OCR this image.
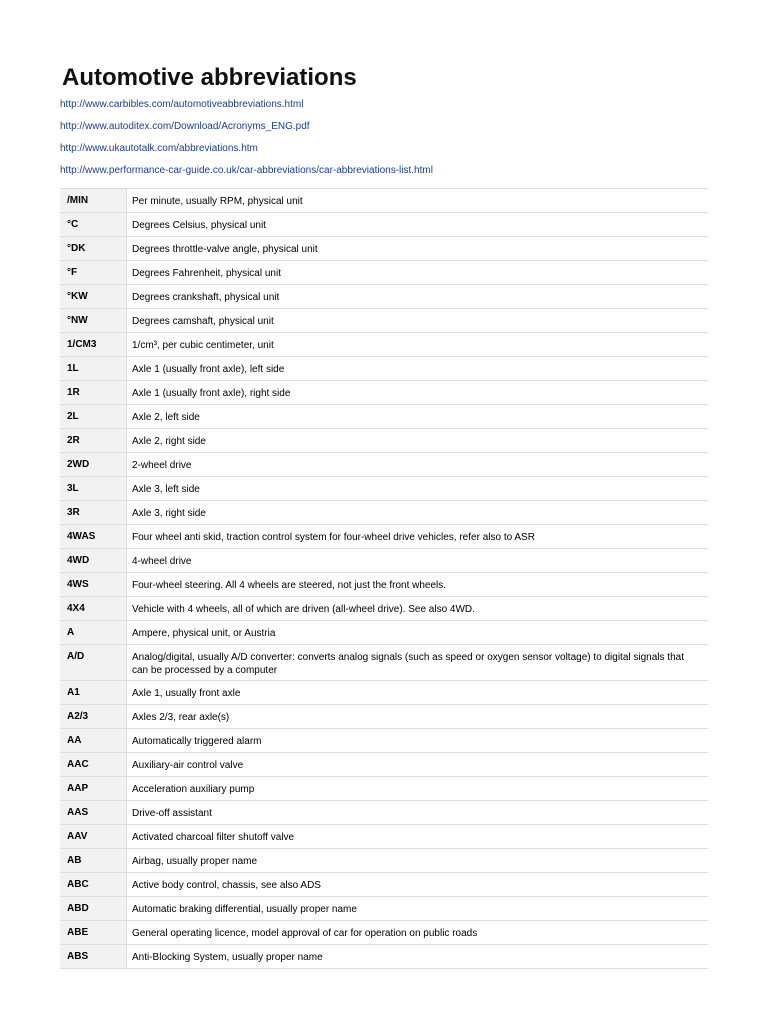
Automotive abbreviations
http://www.carbibles.com/automotiveabbreviations.html
http://www.autoditex.com/Download/Acronyms_ENG.pdf
http://www.ukautotalk.com/abbreviations.htm
http://www.performance-car-guide.co.uk/car-abbreviations/car-abbreviations-list.html
/MIN	Per minute, usually RPM, physical unit
°C	Degrees Celsius, physical unit
°DK	Degrees throttle-valve angle, physical unit
°F	Degrees Fahrenheit, physical unit
°KW	Degrees crankshaft, physical unit
°NW	Degrees camshaft, physical unit
1/CM3	1/cm³, per cubic centimeter, unit
1L	Axle 1 (usually front axle), left side
1R	Axle 1 (usually front axle), right side
2L	Axle 2, left side
2R	Axle 2, right side
2WD	2-wheel drive
3L	Axle 3, left side
3R	Axle 3, right side
4WAS	Four wheel anti skid, traction control system for four-wheel drive vehicles, refer also to ASR
4WD	4-wheel drive
4WS	Four-wheel steering. All 4 wheels are steered, not just the front wheels.
4X4	Vehicle with 4 wheels, all of which are driven (all-wheel drive). See also 4WD.
A	Ampere, physical unit, or Austria
A/D	Analog/digital, usually A/D converter: converts analog signals (such as speed or oxygen sensor voltage) to digital signals that can be processed by a computer
A1	Axle 1, usually front axle
A2/3	Axles 2/3, rear axle(s)
AA	Automatically triggered alarm
AAC	Auxiliary-air control valve
AAP	Acceleration auxiliary pump
AAS	Drive-off assistant
AAV	Activated charcoal filter shutoff valve
AB	Airbag, usually proper name
ABC	Active body control, chassis, see also ADS
ABD	Automatic braking differential, usually proper name
ABE	General operating licence, model approval of car for operation on public roads
ABS	Anti-Blocking System, usually proper name
